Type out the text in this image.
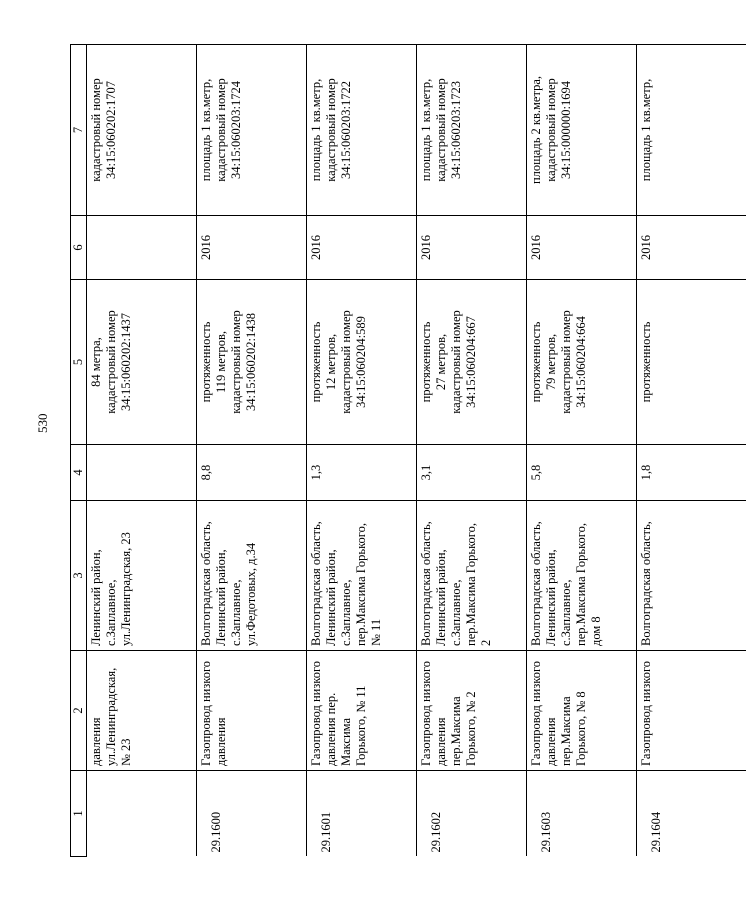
530
1	2	3	4	5	6	7

	давления ул.Ленинградская, № 23	Ленинский район, с.Заплавное, ул.Ленинградская, 23		84 метра, кадастровый номер 34:15:060202:1437		кадастровый номер 34:15:060202:1707

29.1600	Газопровод низкого давления	Волгоградская область, Ленинский район, с.Заплавное, ул.Федотовых, д.34	8,8	протяженность 119 метров, кадастровый номер 34:15:060202:1438	2016	площадь 1 кв.метр, кадастровый номер 34:15:060203:1724

29.1601	Газопровод низкого давления пер. Максима Горького, № 11	Волгоградская область, Ленинский район, с.Заплавное, пер.Максима Горького, № 11	1,3	протяженность 12 метров, кадастровый номер 34:15:060204:589	2016	площадь 1 кв.метр, кадастровый номер 34:15:060203:1722

29.1602	Газопровод низкого давления пер.Максима Горького, № 2	Волгоградская область, Ленинский район, с.Заплавное, пер.Максима Горького, 2	3,1	протяженность 27 метров, кадастровый номер 34:15:060204:667	2016	площадь 1 кв.метр, кадастровый номер 34:15:060203:1723

29.1603	Газопровод низкого давления пер.Максима Горького, № 8	Волгоградская область, Ленинский район, с.Заплавное, пер.Максима Горького, дом 8	5,8	протяженность 79 метров, кадастровый номер 34:15:060204:664	2016	площадь 2 кв.метра, кадастровый номер 34:15:000000:1694

29.1604	Газопровод низкого	Волгоградская область,	1,8	протяженность	2016	площадь 1 кв.метр,
